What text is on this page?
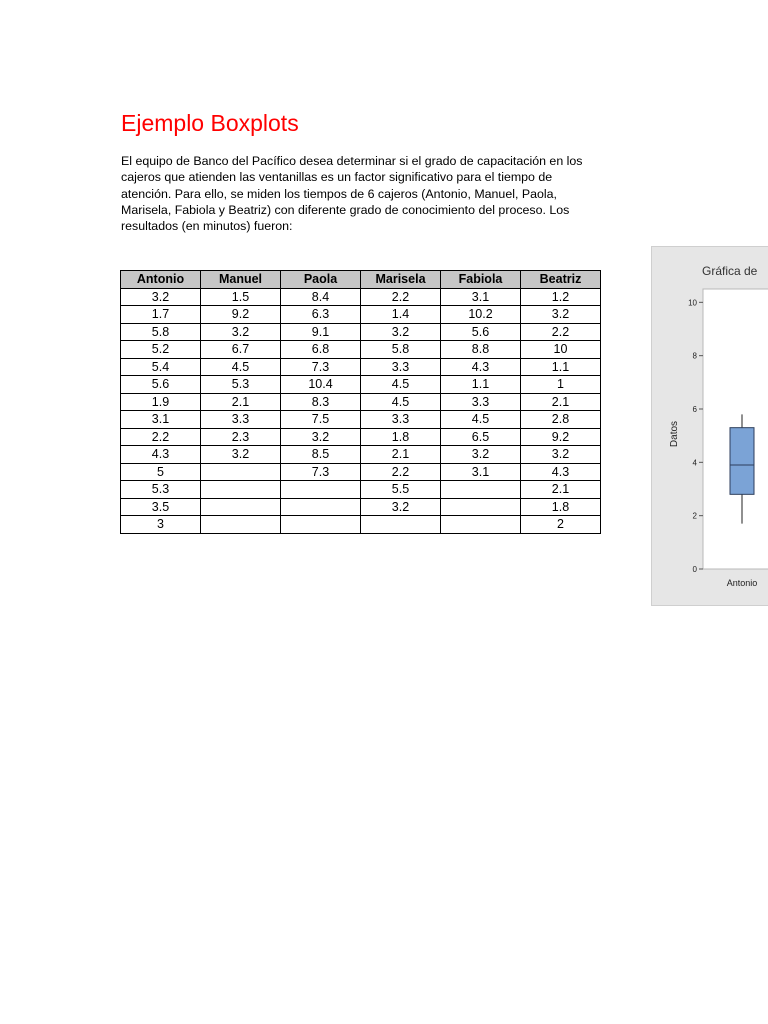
Ejemplo Boxplots
El equipo de Banco del Pacífico desea determinar si el grado de capacitación en los
cajeros que atienden las ventanillas es un factor significativo para el tiempo de
atención. Para ello, se miden los tiempos de 6 cajeros (Antonio, Manuel, Paola,
Marisela, Fabiola y Beatriz) con diferente grado de conocimiento del proceso. Los
resultados (en minutos) fueron:
Antonio	Manuel	Paola	Marisela	Fabiola	Beatriz
3.2	1.5	8.4	2.2	3.1	1.2
1.7	9.2	6.3	1.4	10.2	3.2
5.8	3.2	9.1	3.2	5.6	2.2
5.2	6.7	6.8	5.8	8.8	10
5.4	4.5	7.3	3.3	4.3	1.1
5.6	5.3	10.4	4.5	1.1	1
1.9	2.1	8.3	4.5	3.3	2.1
3.1	3.3	7.5	3.3	4.5	2.8
2.2	2.3	3.2	1.8	6.5	9.2
4.3	3.2	8.5	2.1	3.2	3.2
5		7.3	2.2	3.1	4.3
5.3			5.5		2.1
3.5			3.2		1.8
3					2
Gráfica de
0
2
4
6
8
10
Datos
Antonio
